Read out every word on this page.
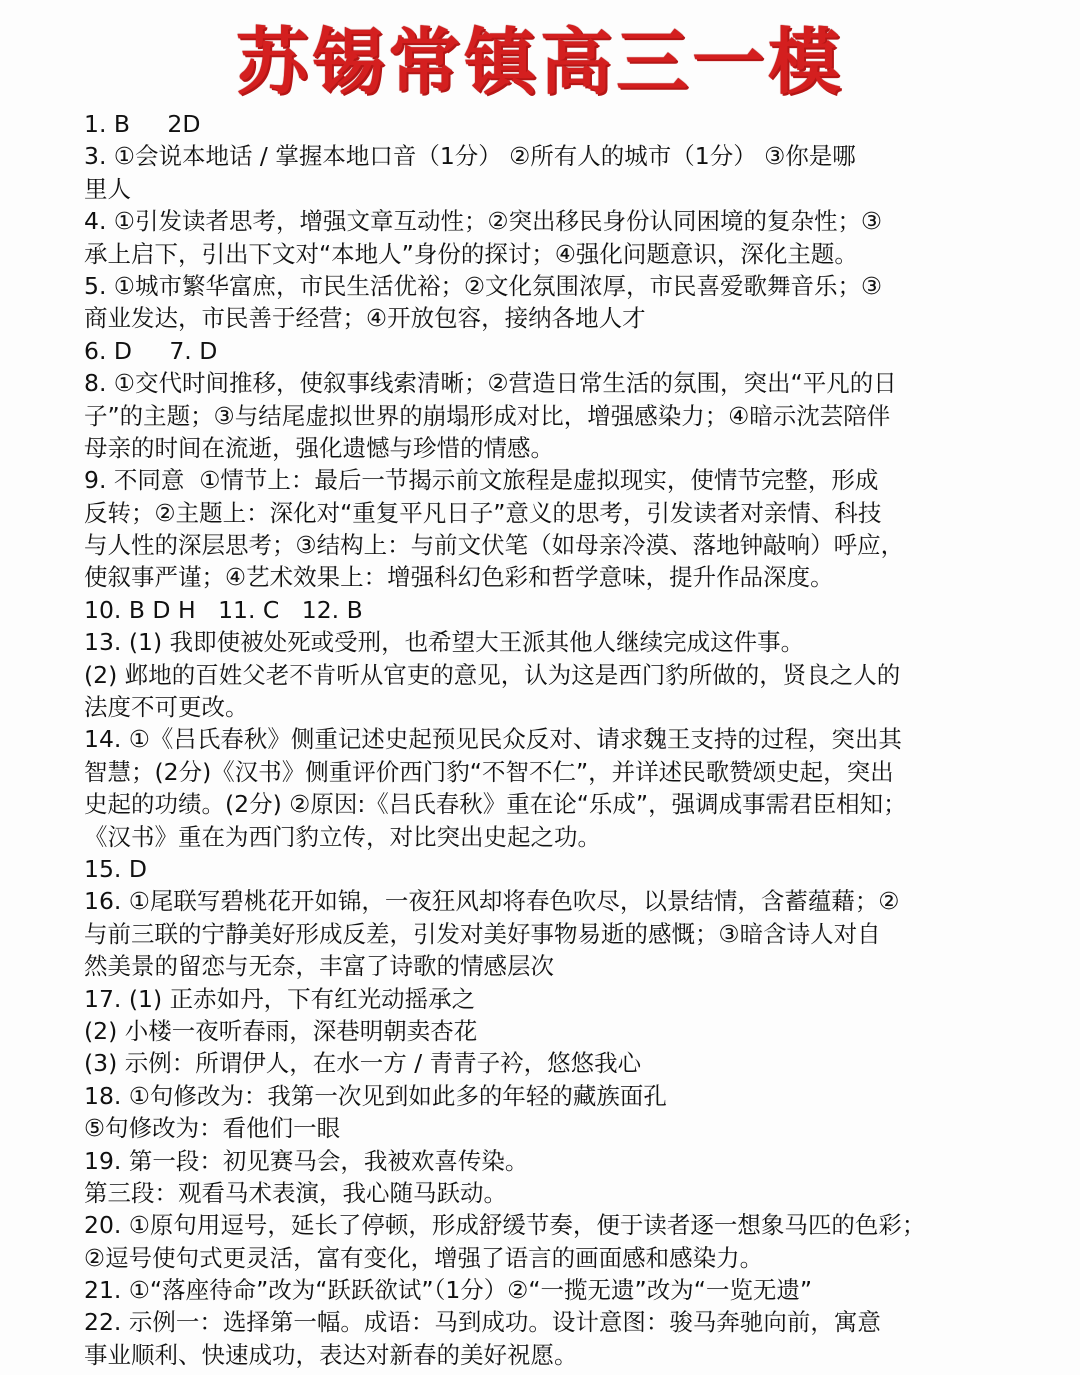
苏锡常镇高三一模
1. B     2D
3. ①会说本地话 / 掌握本地口音（1分） ②所有人的城市（1分） ③你是哪
里人
4. ①引发读者思考，增强文章互动性；②突出移民身份认同困境的复杂性；③
承上启下，引出下文对“本地人”身份的探讨；④强化问题意识，深化主题。
5. ①城市繁华富庶，市民生活优裕；②文化氛围浓厚，市民喜爱歌舞音乐；③
商业发达，市民善于经营；④开放包容，接纳各地人才
6. D     7. D
8. ①交代时间推移，使叙事线索清晰；②营造日常生活的氛围，突出“平凡的日
子”的主题；③与结尾虚拟世界的崩塌形成对比，增强感染力；④暗示沈芸陪伴
母亲的时间在流逝，强化遗憾与珍惜的情感。
9. 不同意  ①情节上：最后一节揭示前文旅程是虚拟现实，使情节完整，形成
反转；②主题上：深化对“重复平凡日子”意义的思考，引发读者对亲情、科技
与人性的深层思考；③结构上：与前文伏笔（如母亲冷漠、落地钟敲响）呼应，
使叙事严谨；④艺术效果上：增强科幻色彩和哲学意味，提升作品深度。
10. B D H   11. C   12. B
13. (1) 我即使被处死或受刑，也希望大王派其他人继续完成这件事。
(2) 邺地的百姓父老不肯听从官吏的意见，认为这是西门豹所做的，贤良之人的
法度不可更改。
14. ①《吕氏春秋》侧重记述史起预见民众反对、请求魏王支持的过程，突出其
智慧；(2分)《汉书》侧重评价西门豹“不智不仁”，并详述民歌赞颂史起，突出
史起的功绩。(2分) ②原因:《吕氏春秋》重在论“乐成”，强调成事需君臣相知；
《汉书》重在为西门豹立传，对比突出史起之功。
15. D
16. ①尾联写碧桃花开如锦，一夜狂风却将春色吹尽，以景结情，含蓄蕴藉；②
与前三联的宁静美好形成反差，引发对美好事物易逝的感慨；③暗含诗人对自
然美景的留恋与无奈，丰富了诗歌的情感层次
17. (1) 正赤如丹，下有红光动摇承之
(2) 小楼一夜听春雨，深巷明朝卖杏花
(3) 示例：所谓伊人，在水一方 / 青青子衿，悠悠我心
18. ①句修改为：我第一次见到如此多的年轻的藏族面孔
⑤句修改为：看他们一眼
19. 第一段：初见赛马会，我被欢喜传染。
第三段：观看马术表演，我心随马跃动。
20. ①原句用逗号，延长了停顿，形成舒缓节奏，便于读者逐一想象马匹的色彩；
②逗号使句式更灵活，富有变化，增强了语言的画面感和感染力。
21. ①“落座待命”改为“跃跃欲试”（1分）②“一揽无遗”改为“一览无遗”
22. 示例一：选择第一幅。成语：马到成功。设计意图：骏马奔驰向前，寓意
事业顺利、快速成功，表达对新春的美好祝愿。
